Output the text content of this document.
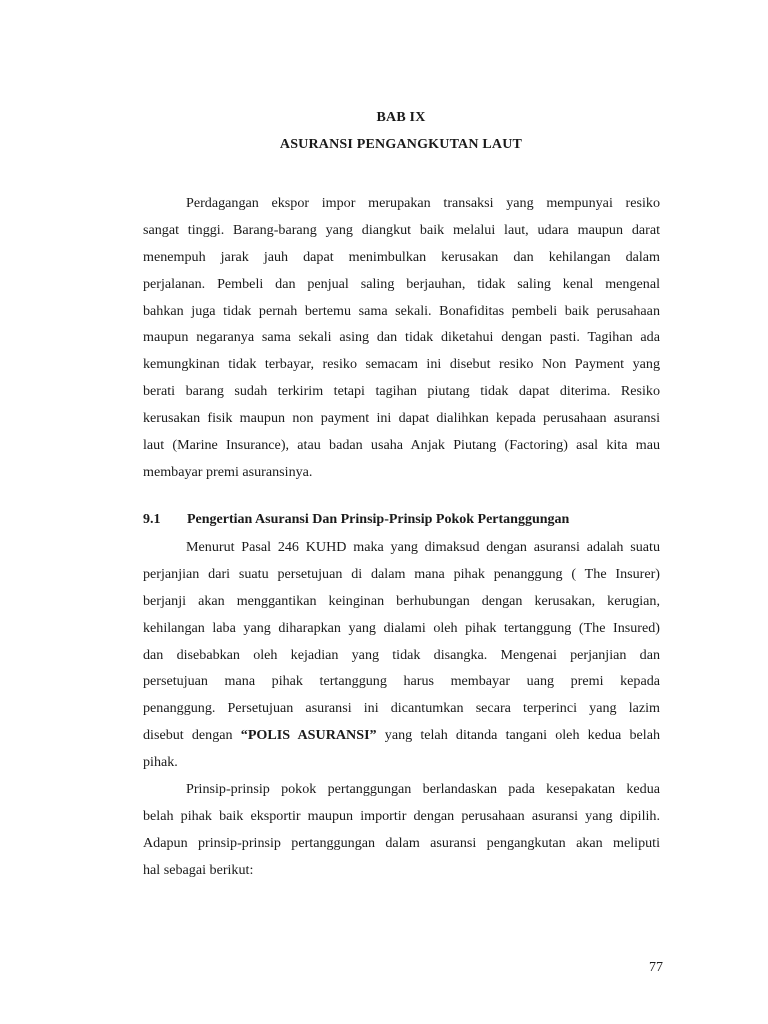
BAB IX
ASURANSI PENGANGKUTAN LAUT
Perdagangan ekspor impor merupakan transaksi yang mempunyai resiko
sangat tinggi. Barang-barang yang diangkut baik melalui laut, udara maupun darat
menempuh jarak jauh dapat menimbulkan kerusakan dan kehilangan dalam
perjalanan. Pembeli dan penjual saling berjauhan, tidak saling kenal mengenal
bahkan juga tidak pernah bertemu sama sekali. Bonafiditas pembeli baik perusahaan
maupun negaranya sama sekali asing dan tidak diketahui dengan pasti. Tagihan ada
kemungkinan tidak terbayar, resiko semacam ini disebut resiko Non Payment yang
berati barang sudah terkirim tetapi tagihan piutang tidak dapat diterima. Resiko
kerusakan fisik maupun non payment ini dapat dialihkan kepada perusahaan asuransi
laut (Marine Insurance), atau badan usaha Anjak Piutang (Factoring) asal kita mau
membayar premi asuransinya.
9.1 Pengertian Asuransi Dan Prinsip-Prinsip Pokok Pertanggungan
Menurut Pasal 246 KUHD maka yang dimaksud dengan asuransi adalah suatu
perjanjian dari suatu persetujuan di dalam mana pihak penanggung ( The Insurer)
berjanji akan menggantikan keinginan berhubungan dengan kerusakan, kerugian,
kehilangan laba yang diharapkan yang dialami oleh pihak tertanggung (The Insured)
dan disebabkan oleh kejadian yang tidak disangka. Mengenai perjanjian dan
persetujuan mana pihak tertanggung harus membayar uang premi kepada
penanggung. Persetujuan asuransi ini dicantumkan secara terperinci yang lazim
disebut dengan “POLIS ASURANSI” yang telah ditanda tangani oleh kedua belah
pihak.
Prinsip-prinsip pokok pertanggungan berlandaskan pada kesepakatan kedua
belah pihak baik eksportir maupun importir dengan perusahaan asuransi yang dipilih.
Adapun prinsip-prinsip pertanggungan dalam asuransi pengangkutan akan meliputi
hal sebagai berikut:
77
